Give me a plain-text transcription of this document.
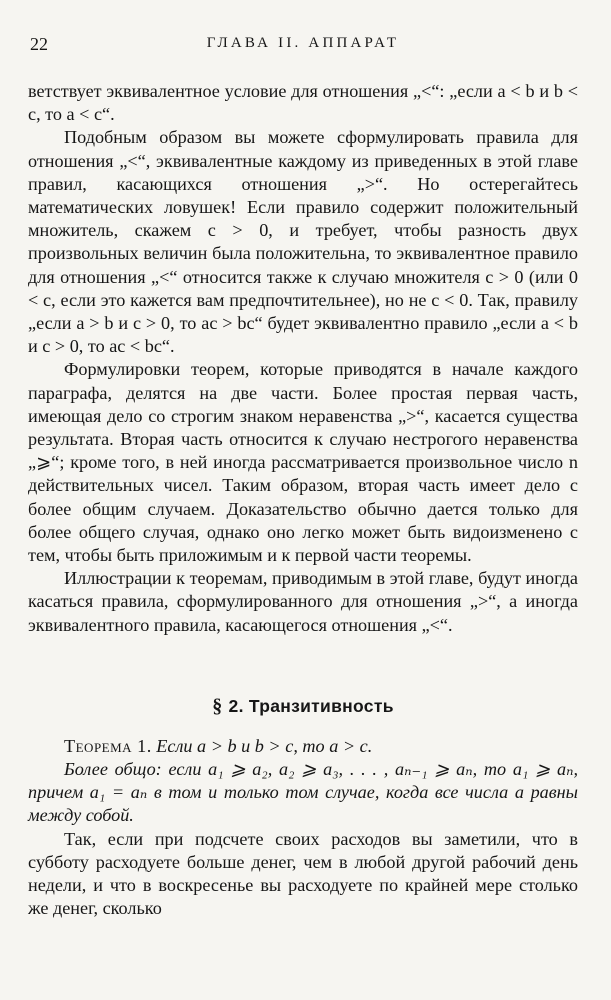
22	ГЛАВА II. АППАРАТ

ветствует эквивалентное условие для отношения „<“: „если a < b и b < c, то a < c“.

Подобным образом вы можете сформулировать правила для отношения „<“, эквивалентные каждому из приведенных в этой главе правил, касающихся отношения „>“. Но остерегайтесь математических ловушек! Если правило содержит положительный множитель, скажем c > 0, и требует, чтобы разность двух произвольных величин была положительна, то эквивалентное правило для отношения „<“ относится также к случаю множителя c > 0 (или 0 < c, если это кажется вам предпочтительнее), но не c < 0. Так, правилу „если a > b и c > 0, то ac > bc“ будет эквивалентно правило „если a < b и c > 0, то ac < bc“.

Формулировки теорем, которые приводятся в начале каждого параграфа, делятся на две части. Более простая первая часть, имеющая дело со строгим знаком неравенства „>“, касается существа результата. Вторая часть относится к случаю нестрогого неравенства „⩾“; кроме того, в ней иногда рассматривается произвольное число n действительных чисел. Таким образом, вторая часть имеет дело с более общим случаем. Доказательство обычно дается только для более общего случая, однако оно легко может быть видоизменено с тем, чтобы быть приложимым и к первой части теоремы.

Иллюстрации к теоремам, приводимым в этой главе, будут иногда касаться правила, сформулированного для отношения „>“, а иногда эквивалентного правила, касающегося отношения „<“.

§ 2. Транзитивность

Теорема 1. Если a > b и b > c, то a > c.

Более общо: если a₁ ⩾ a₂, a₂ ⩾ a₃, . . . , aₙ₋₁ ⩾ aₙ, то a₁ ⩾ aₙ, причем a₁ = aₙ в том и только том случае, когда все числа a равны между собой.

Так, если при подсчете своих расходов вы заметили, что в субботу расходуете больше денег, чем в любой другой рабочий день недели, и что в воскресенье вы расходуете по крайней мере столько же денег, сколько
